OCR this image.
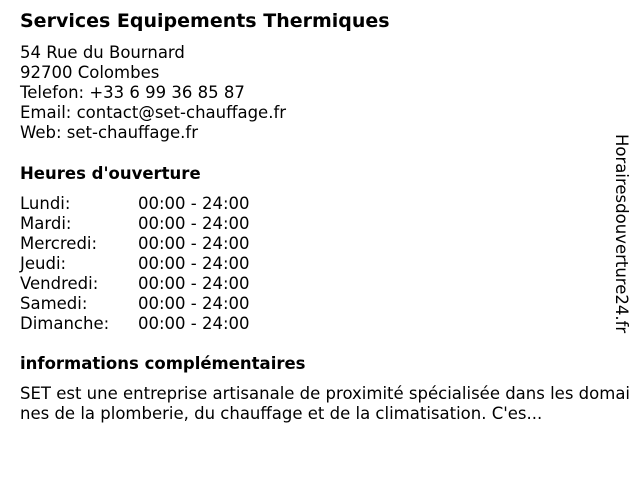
Services Equipements Thermiques
54 Rue du Bournard
92700 Colombes
Telefon: +33 6 99 36 85 87
Email: contact@set-chauffage.fr
Web: set-chauffage.fr
Heures d'ouverture
Lundi:	00:00 - 24:00
Mardi:	00:00 - 24:00
Mercredi: 00:00 - 24:00
Jeudi:	00:00 - 24:00
Vendredi: 00:00 - 24:00
Samedi:	00:00 - 24:00
Dimanche: 00:00 - 24:00
informations complémentaires
SET est une entreprise artisanale de proximité spécialisée dans les domaines de la plomberie, du chauffage et de la climatisation. C'es...
Horairesdouverture24.fr
